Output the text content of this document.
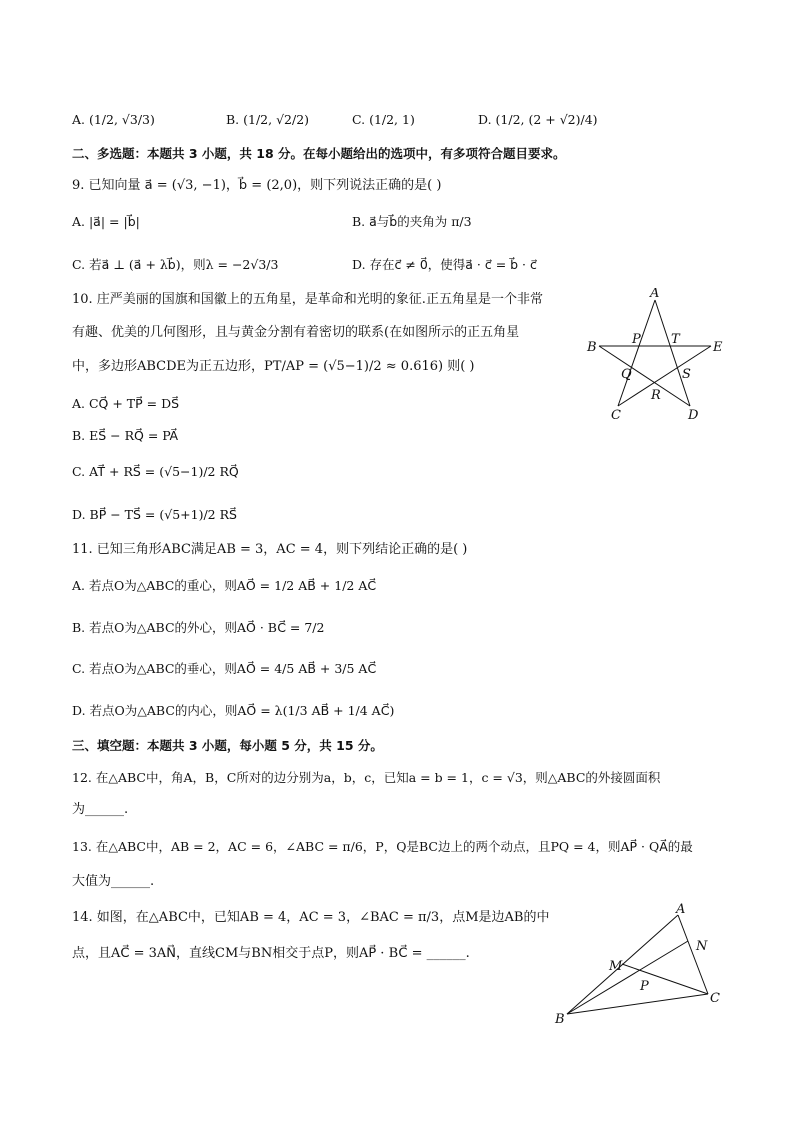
A. (1/2, √3/3)	B. (1/2, √2/2)	C. (1/2, 1)	D. (1/2, (2 + √2)/4)
二、多选题：本题共 3 小题，共 18 分。在每小题给出的选项中，有多项符合题目要求。
9. 已知向量 a⃗ = (√3, −1)，b⃗ = (2,0)，则下列说法正确的是( )
A. |a⃗| = |b⃗|	B. a⃗与b⃗的夹角为 π/3
C. 若a⃗ ⊥ (a⃗ + λb⃗)，则λ = −2√3/3	D. 存在c⃗ ≠ 0⃗，使得a⃗ · c⃗ = b⃗ · c⃗
10. 庄严美丽的国旗和国徽上的五角星，是革命和光明的象征.正五角星是一个非常
有趣、优美的几何图形，且与黄金分割有着密切的联系(在如图所示的正五角星
中，多边形ABCDE为正五边形，PT/AP = (√5−1)/2 ≈ 0.616) 则( )
A. CQ⃗ + TP⃗ = DS⃗
B. ES⃗ − RQ⃗ = PA⃗
C. AT⃗ + RS⃗ = (√5−1)/2 RQ⃗
D. BP⃗ − TS⃗ = (√5+1)/2 RS⃗
A
P T
B	E
Q	S
R
C	D
11. 已知三角形ABC满足AB = 3，AC = 4，则下列结论正确的是( )
A. 若点O为△ABC的重心，则AO⃗ = 1/2 AB⃗ + 1/2 AC⃗
B. 若点O为△ABC的外心，则AO⃗ · BC⃗ = 7/2
C. 若点O为△ABC的垂心，则AO⃗ = 4/5 AB⃗ + 3/5 AC⃗
D. 若点O为△ABC的内心，则AO⃗ = λ(1/3 AB⃗ + 1/4 AC⃗)
三、填空题：本题共 3 小题，每小题 5 分，共 15 分。
12. 在△ABC中，角A，B，C所对的边分别为a，b，c，已知a = b = 1，c = √3，则△ABC的外接圆面积
为______.
13. 在△ABC中，AB = 2，AC = 6，∠ABC = π/6，P，Q是BC边上的两个动点，且PQ = 4，则AP⃗ · QA⃗的最
大值为______.
14. 如图，在△ABC中，已知AB = 4，AC = 3，∠BAC = π/3，点M是边AB的中
点，且AC⃗ = 3AN⃗，直线CM与BN相交于点P，则AP⃗ · BC⃗ = ______.
A
N
M
P
C
B
